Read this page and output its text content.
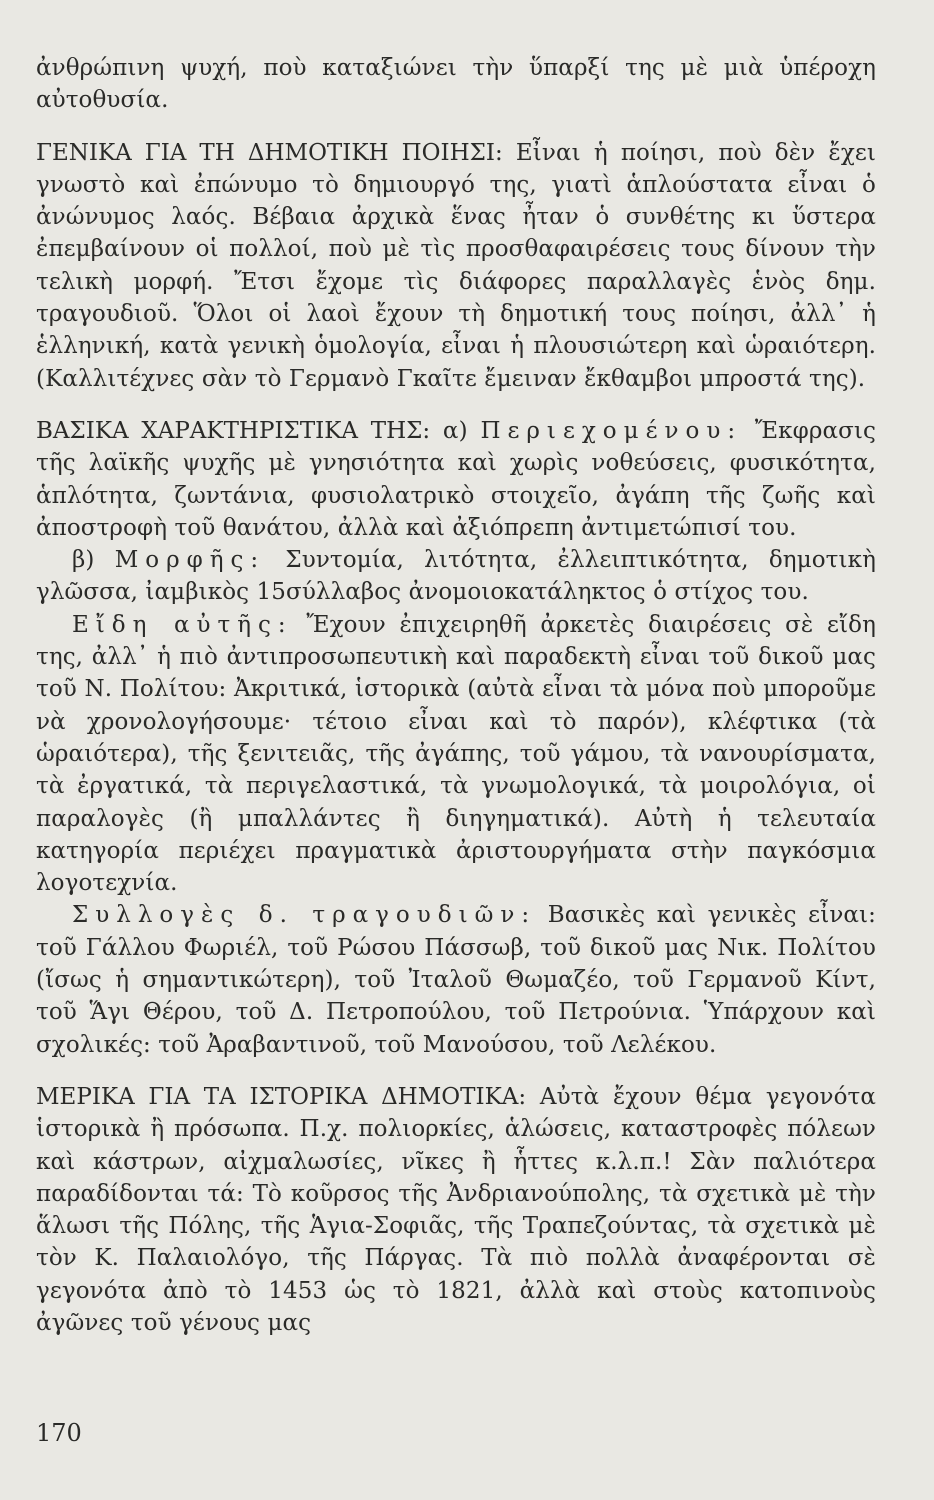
ἀνθρώπινη ψυχή, ποὺ καταξιώνει τὴν ὕπαρξί της μὲ μιὰ ὑπέροχη αὐτοθυσία.

ΓΕΝΙΚΑ ΓΙΑ ΤΗ ΔΗΜΟΤΙΚΗ ΠΟΙΗΣΙ: Εἶναι ἡ ποίησι, ποὺ δὲν ἔχει γνωστὸ καὶ ἐπώνυμο τὸ δημιουργό της, γιατὶ ἁπλούστατα εἶναι ὁ ἀνώνυμος λαός. Βέβαια ἀρχικὰ ἕνας ἦταν ὁ συνθέτης κι ὕστερα ἐπεμβαίνουν οἱ πολλοί, ποὺ μὲ τὶς προσθαφαιρέσεις τους δίνουν τὴν τελικὴ μορφή. Ἔτσι ἔχομε τὶς διάφορες παραλλαγὲς ἑνὸς δημ. τραγουδιοῦ. Ὅλοι οἱ λαοὶ ἔχουν τὴ δημοτική τους ποίησι, ἀλλ᾽ ἡ ἑλληνική, κατὰ γενικὴ ὁμολογία, εἶναι ἡ πλουσιώτερη καὶ ὡραιότερη. (Καλλιτέχνες σὰν τὸ Γερμανὸ Γκαῖτε ἔμειναν ἔκθαμβοι μπροστά της).

ΒΑΣΙΚΑ ΧΑΡΑΚΤΗΡΙΣΤΙΚΑ ΤΗΣ: α) Περιεχομένου: Ἔκφρασις τῆς λαϊκῆς ψυχῆς μὲ γνησιότητα καὶ χωρὶς νοθεύσεις, φυσικότητα, ἁπλότητα, ζωντάνια, φυσιολατρικὸ στοιχεῖο, ἀγάπη τῆς ζωῆς καὶ ἀποστροφὴ τοῦ θανάτου, ἀλλὰ καὶ ἀξιόπρεπη ἀντιμετώπισί του.

β) Μορφῆς: Συντομία, λιτότητα, ἐλλειπτικότητα, δημοτικὴ γλῶσσα, ἰαμβικὸς 15σύλλαβος ἀνομοιοκατάληκτος ὁ στίχος του.

Εἴδη αὐτῆς: Ἔχουν ἐπιχειρηθῆ ἀρκετὲς διαιρέσεις σὲ εἴδη της, ἀλλ᾽ ἡ πιὸ ἀντιπροσωπευτικὴ καὶ παραδεκτὴ εἶναι τοῦ δικοῦ μας τοῦ Ν. Πολίτου: Ἀκριτικά, ἱστορικὰ (αὐτὰ εἶναι τὰ μόνα ποὺ μποροῦμε νὰ χρονολογήσουμε· τέτοιο εἶναι καὶ τὸ παρόν), κλέφτικα (τὰ ὡραιότερα), τῆς ξενιτειᾶς, τῆς ἀγάπης, τοῦ γάμου, τὰ νανουρίσματα, τὰ ἐργατικά, τὰ περιγελαστικά, τὰ γνωμολογικά, τὰ μοιρολόγια, οἱ παραλογὲς (ἢ μπαλλάντες ἢ διηγηματικά). Αὐτὴ ἡ τελευταία κατηγορία περιέχει πραγματικὰ ἀριστουργήματα στὴν παγκόσμια λογοτεχνία.

Συλλογὲς δ. τραγουδιῶν: Βασικὲς καὶ γενικὲς εἶναι: τοῦ Γάλλου Φωριέλ, τοῦ Ρώσου Πάσσωβ, τοῦ δικοῦ μας Νικ. Πολίτου (ἴσως ἡ σημαντικώτερη), τοῦ Ἰταλοῦ Θωμαζέο, τοῦ Γερμανοῦ Κίντ, τοῦ Ἅγι Θέρου, τοῦ Δ. Πετροπούλου, τοῦ Πετρούνια. Ὑπάρχουν καὶ σχολικές: τοῦ Ἀραβαντινοῦ, τοῦ Μανούσου, τοῦ Λελέκου.

ΜΕΡΙΚΑ ΓΙΑ ΤΑ ΙΣΤΟΡΙΚΑ ΔΗΜΟΤΙΚΑ: Αὐτὰ ἔχουν θέμα γεγονότα ἱστορικὰ ἢ πρόσωπα. Π.χ. πολιορκίες, ἁλώσεις, καταστροφὲς πόλεων καὶ κάστρων, αἰχμαλωσίες, νῖκες ἢ ἧττες κ.λ.π.! Σὰν παλιότερα παραδίδονται τά: Τὸ κοῦρσος τῆς Ἀνδριανούπολης, τὰ σχετικὰ μὲ τὴν ἅλωσι τῆς Πόλης, τῆς Ἁγια-Σοφιᾶς, τῆς Τραπεζούντας, τὰ σχετικὰ μὲ τὸν Κ. Παλαιολόγο, τῆς Πάργας. Τὰ πιὸ πολλὰ ἀναφέρονται σὲ γεγονότα ἀπὸ τὸ 1453 ὡς τὸ 1821, ἀλλὰ καὶ στοὺς κατοπινοὺς ἀγῶνες τοῦ γένους μας

170
